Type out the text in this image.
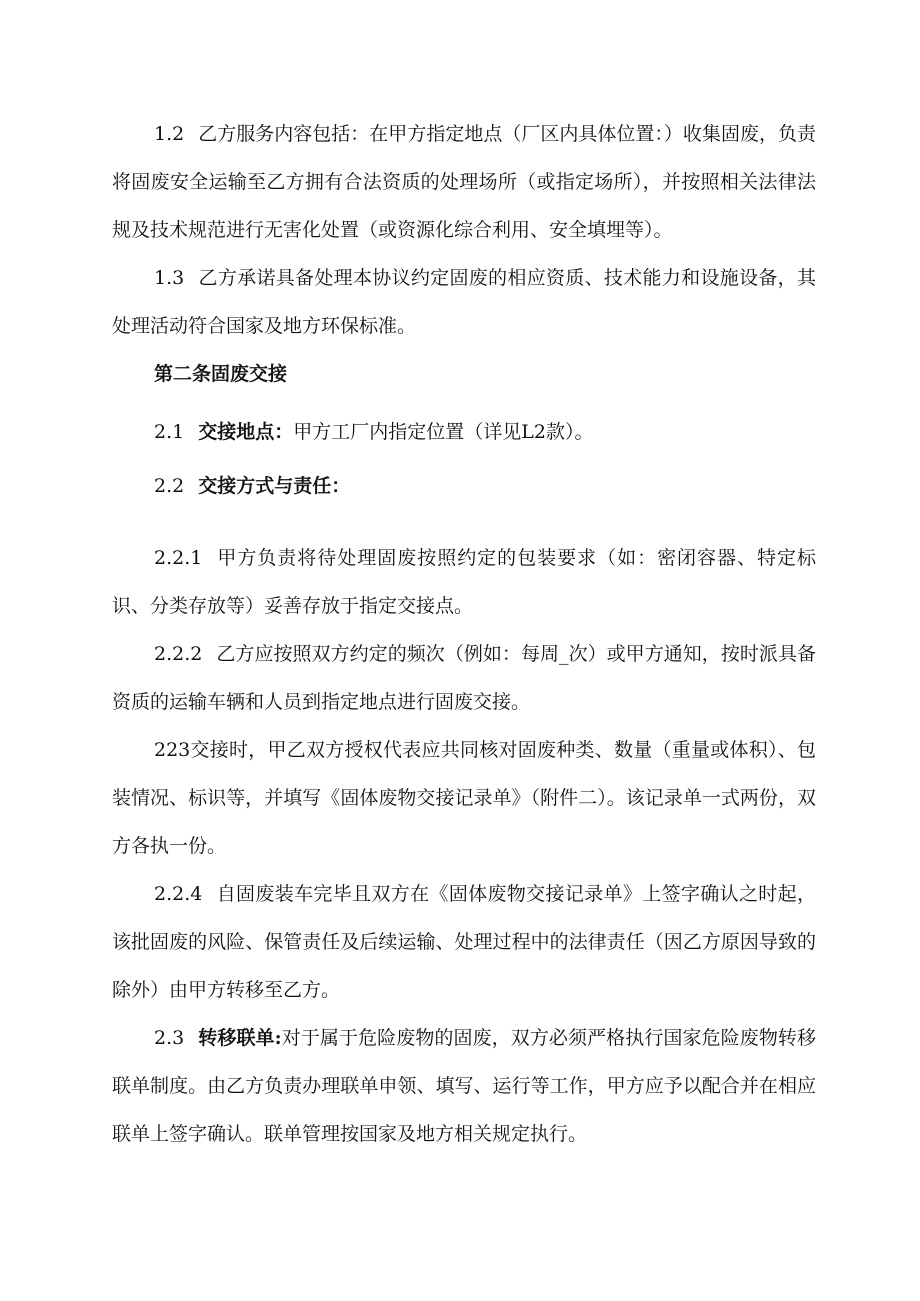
1.2 乙方服务内容包括：在甲方指定地点（厂区内具体位置：）收集固废，负责将固废安全运输至乙方拥有合法资质的处理场所（或指定场所），并按照相关法律法规及技术规范进行无害化处置（或资源化综合利用、安全填埋等）。

1.3 乙方承诺具备处理本协议约定固废的相应资质、技术能力和设施设备，其处理活动符合国家及地方环保标准。

第二条固废交接

2.1 交接地点：甲方工厂内指定位置（详见L2款）。

2.2 交接方式与责任：

2.2.1 甲方负责将待处理固废按照约定的包装要求（如：密闭容器、特定标识、分类存放等）妥善存放于指定交接点。

2.2.2 乙方应按照双方约定的频次（例如：每周_次）或甲方通知，按时派具备资质的运输车辆和人员到指定地点进行固废交接。

223交接时，甲乙双方授权代表应共同核对固废种类、数量（重量或体积）、包装情况、标识等，并填写《固体废物交接记录单》（附件二）。该记录单一式两份，双方各执一份。

2.2.4 自固废装车完毕且双方在《固体废物交接记录单》上签字确认之时起，该批固废的风险、保管责任及后续运输、处理过程中的法律责任（因乙方原因导致的除外）由甲方转移至乙方。

2.3 转移联单:对于属于危险废物的固废，双方必须严格执行国家危险废物转移联单制度。由乙方负责办理联单申领、填写、运行等工作，甲方应予以配合并在相应联单上签字确认。联单管理按国家及地方相关规定执行。
